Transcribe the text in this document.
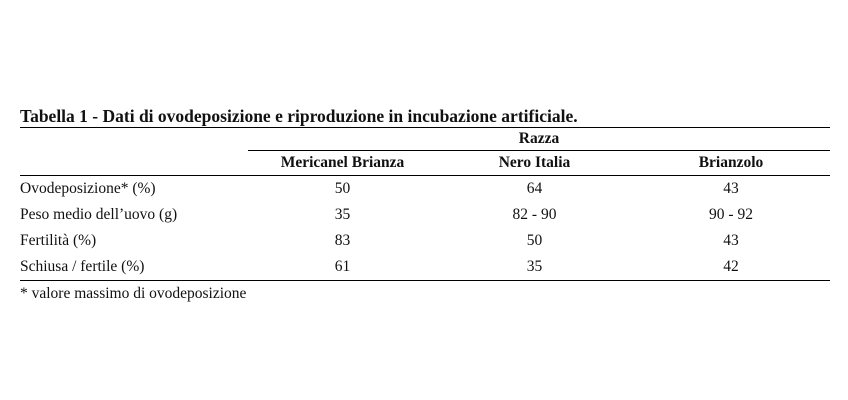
Tabella 1 - Dati di ovodeposizione e riproduzione in incubazione artificiale.

	Razza		
	Mericanel Brianza	Nero Italia	Brianzolo
Ovodeposizione* (%)	50	64	43
Peso medio dell’uovo (g)	35	82 - 90	90 - 92
Fertilità (%)	83	50	43
Schiusa / fertile (%)	61	35	42

* valore massimo di ovodeposizione
